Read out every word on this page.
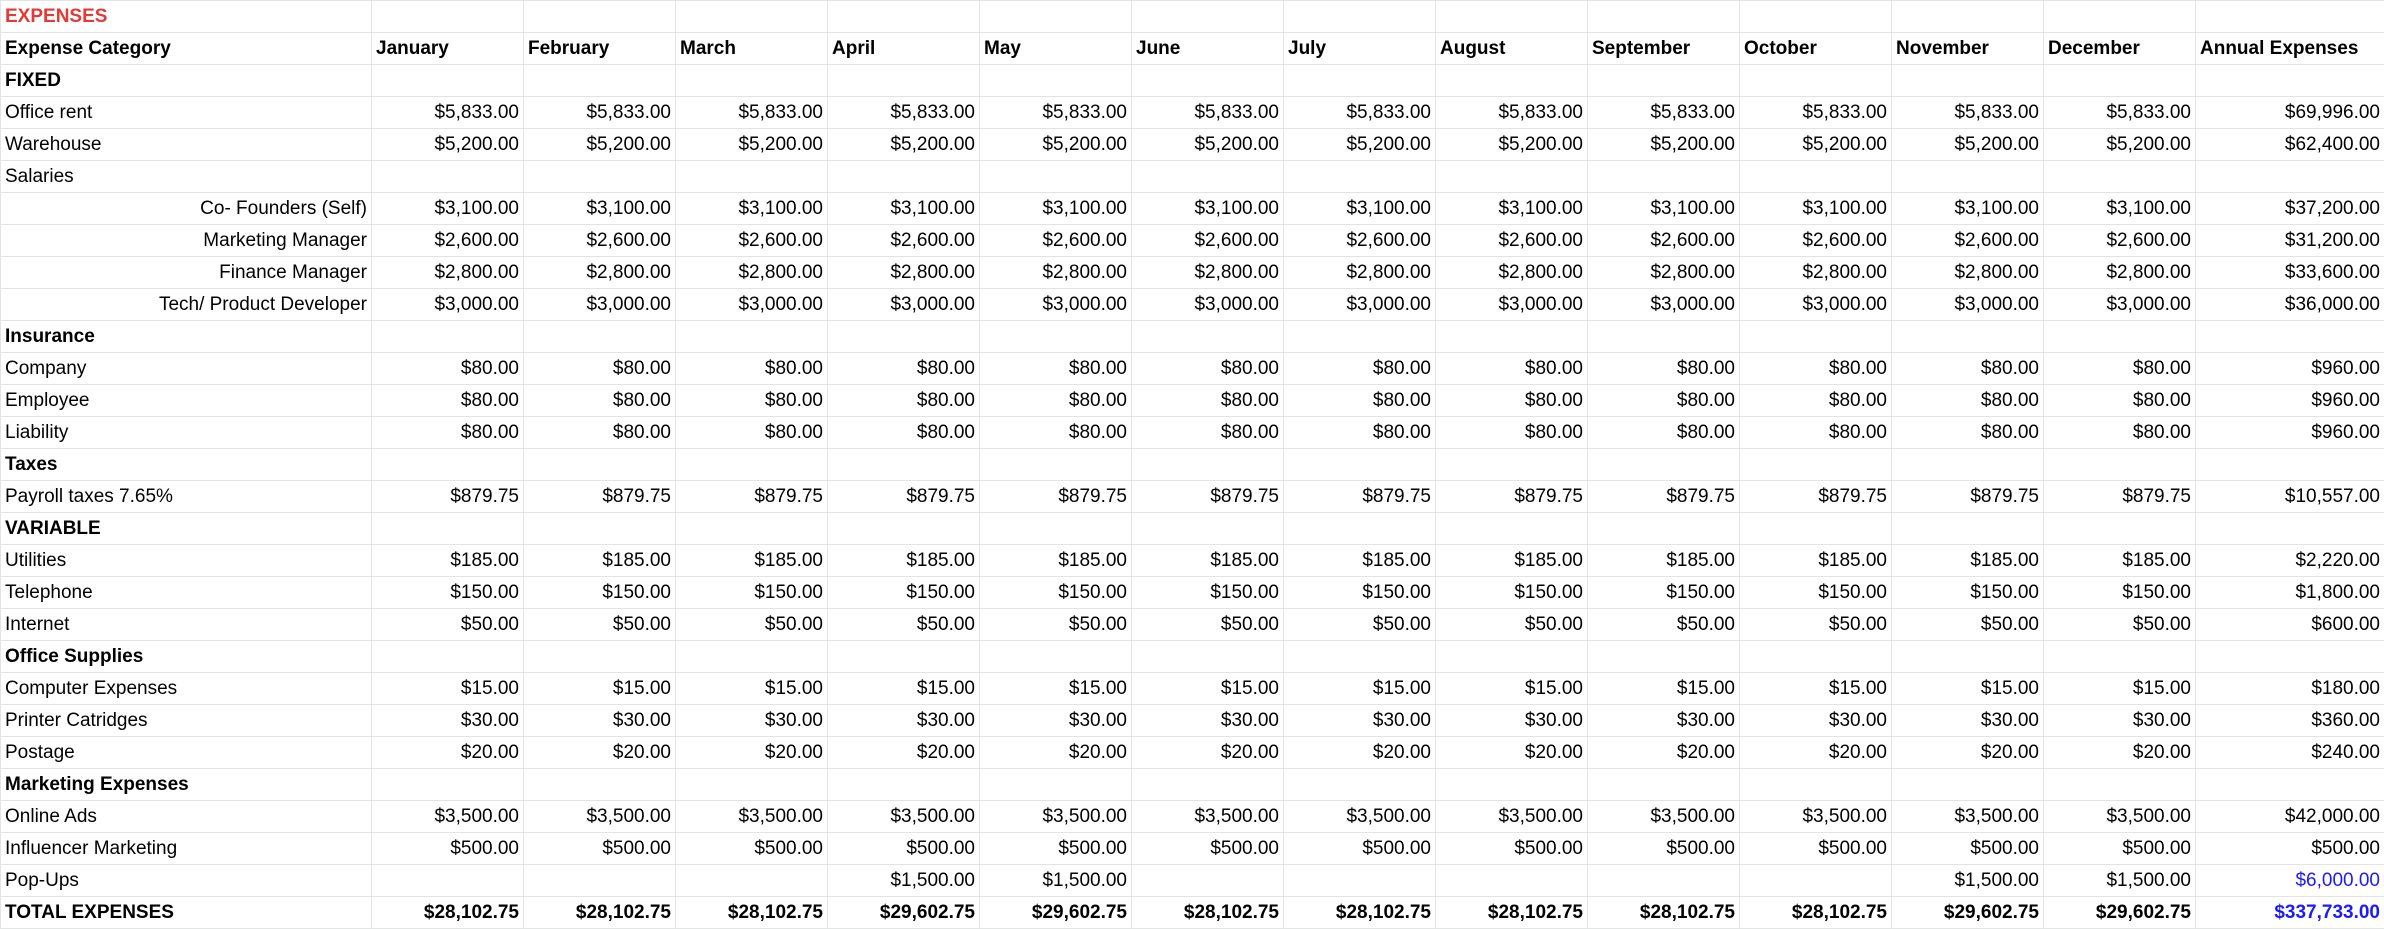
EXPENSES													
Expense Category	January	February	March	April	May	June	July	August	September	October	November	December	Annual Expenses
FIXED													
Office rent	$5,833.00	$5,833.00	$5,833.00	$5,833.00	$5,833.00	$5,833.00	$5,833.00	$5,833.00	$5,833.00	$5,833.00	$5,833.00	$5,833.00	$69,996.00
Warehouse	$5,200.00	$5,200.00	$5,200.00	$5,200.00	$5,200.00	$5,200.00	$5,200.00	$5,200.00	$5,200.00	$5,200.00	$5,200.00	$5,200.00	$62,400.00
Salaries													
Co- Founders (Self)	$3,100.00	$3,100.00	$3,100.00	$3,100.00	$3,100.00	$3,100.00	$3,100.00	$3,100.00	$3,100.00	$3,100.00	$3,100.00	$3,100.00	$37,200.00
Marketing Manager	$2,600.00	$2,600.00	$2,600.00	$2,600.00	$2,600.00	$2,600.00	$2,600.00	$2,600.00	$2,600.00	$2,600.00	$2,600.00	$2,600.00	$31,200.00
Finance Manager	$2,800.00	$2,800.00	$2,800.00	$2,800.00	$2,800.00	$2,800.00	$2,800.00	$2,800.00	$2,800.00	$2,800.00	$2,800.00	$2,800.00	$33,600.00
Tech/ Product Developer	$3,000.00	$3,000.00	$3,000.00	$3,000.00	$3,000.00	$3,000.00	$3,000.00	$3,000.00	$3,000.00	$3,000.00	$3,000.00	$3,000.00	$36,000.00
Insurance													
Company	$80.00	$80.00	$80.00	$80.00	$80.00	$80.00	$80.00	$80.00	$80.00	$80.00	$80.00	$80.00	$960.00
Employee	$80.00	$80.00	$80.00	$80.00	$80.00	$80.00	$80.00	$80.00	$80.00	$80.00	$80.00	$80.00	$960.00
Liability	$80.00	$80.00	$80.00	$80.00	$80.00	$80.00	$80.00	$80.00	$80.00	$80.00	$80.00	$80.00	$960.00
Taxes													
Payroll taxes 7.65%	$879.75	$879.75	$879.75	$879.75	$879.75	$879.75	$879.75	$879.75	$879.75	$879.75	$879.75	$879.75	$10,557.00
VARIABLE													
Utilities	$185.00	$185.00	$185.00	$185.00	$185.00	$185.00	$185.00	$185.00	$185.00	$185.00	$185.00	$185.00	$2,220.00
Telephone	$150.00	$150.00	$150.00	$150.00	$150.00	$150.00	$150.00	$150.00	$150.00	$150.00	$150.00	$150.00	$1,800.00
Internet	$50.00	$50.00	$50.00	$50.00	$50.00	$50.00	$50.00	$50.00	$50.00	$50.00	$50.00	$50.00	$600.00
Office Supplies													
Computer Expenses	$15.00	$15.00	$15.00	$15.00	$15.00	$15.00	$15.00	$15.00	$15.00	$15.00	$15.00	$15.00	$180.00
Printer Catridges	$30.00	$30.00	$30.00	$30.00	$30.00	$30.00	$30.00	$30.00	$30.00	$30.00	$30.00	$30.00	$360.00
Postage	$20.00	$20.00	$20.00	$20.00	$20.00	$20.00	$20.00	$20.00	$20.00	$20.00	$20.00	$20.00	$240.00
Marketing Expenses													
Online Ads	$3,500.00	$3,500.00	$3,500.00	$3,500.00	$3,500.00	$3,500.00	$3,500.00	$3,500.00	$3,500.00	$3,500.00	$3,500.00	$3,500.00	$42,000.00
Influencer Marketing	$500.00	$500.00	$500.00	$500.00	$500.00	$500.00	$500.00	$500.00	$500.00	$500.00	$500.00	$500.00	$500.00
Pop-Ups				$1,500.00	$1,500.00						$1,500.00	$1,500.00	$6,000.00
TOTAL EXPENSES	$28,102.75	$28,102.75	$28,102.75	$29,602.75	$29,602.75	$28,102.75	$28,102.75	$28,102.75	$28,102.75	$28,102.75	$29,602.75	$29,602.75	$337,733.00
